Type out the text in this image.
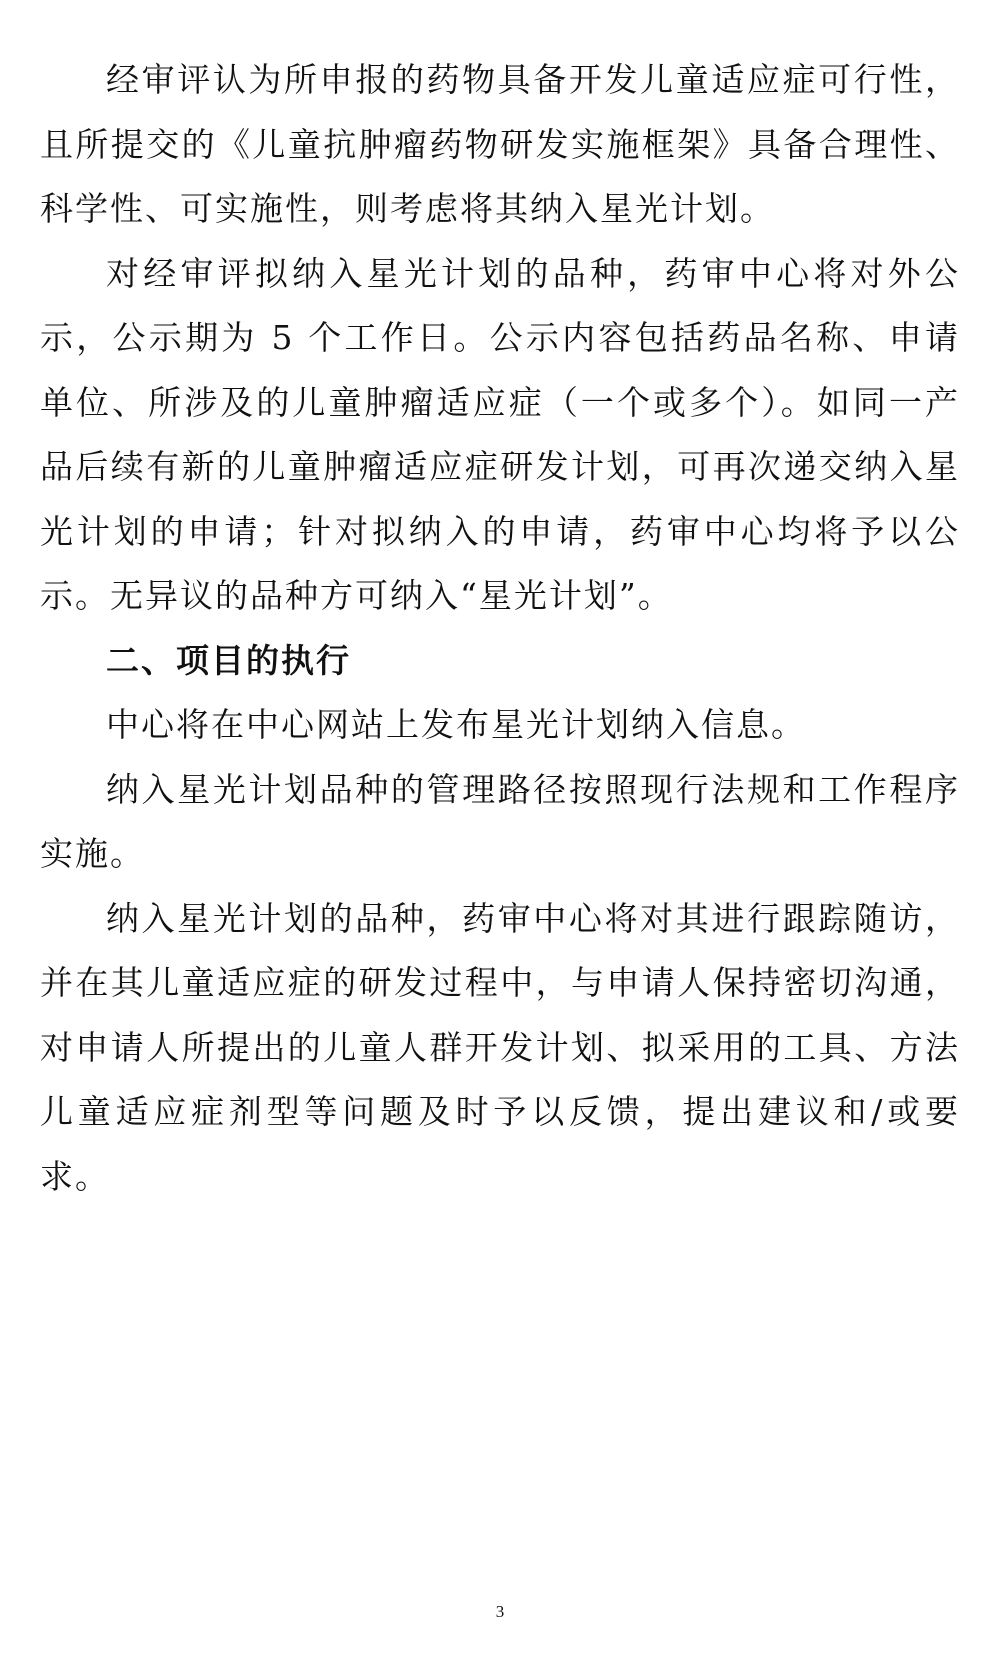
经审评认为所申报的药物具备开发儿童适应症可行性，且所提交的《儿童抗肿瘤药物研发实施框架》具备合理性、科学性、可实施性，则考虑将其纳入星光计划。

对经审评拟纳入星光计划的品种，药审中心将对外公示，公示期为 5 个工作日。公示内容包括药品名称、申请单位、所涉及的儿童肿瘤适应症（一个或多个）。如同一产品后续有新的儿童肿瘤适应症研发计划，可再次递交纳入星光计划的申请；针对拟纳入的申请，药审中心均将予以公示。无异议的品种方可纳入“星光计划”。

二、项目的执行

中心将在中心网站上发布星光计划纳入信息。

纳入星光计划品种的管理路径按照现行法规和工作程序实施。

纳入星光计划的品种，药审中心将对其进行跟踪随访，并在其儿童适应症的研发过程中，与申请人保持密切沟通，对申请人所提出的儿童人群开发计划、拟采用的工具、方法儿童适应症剂型等问题及时予以反馈，提出建议和/或要求。

3
